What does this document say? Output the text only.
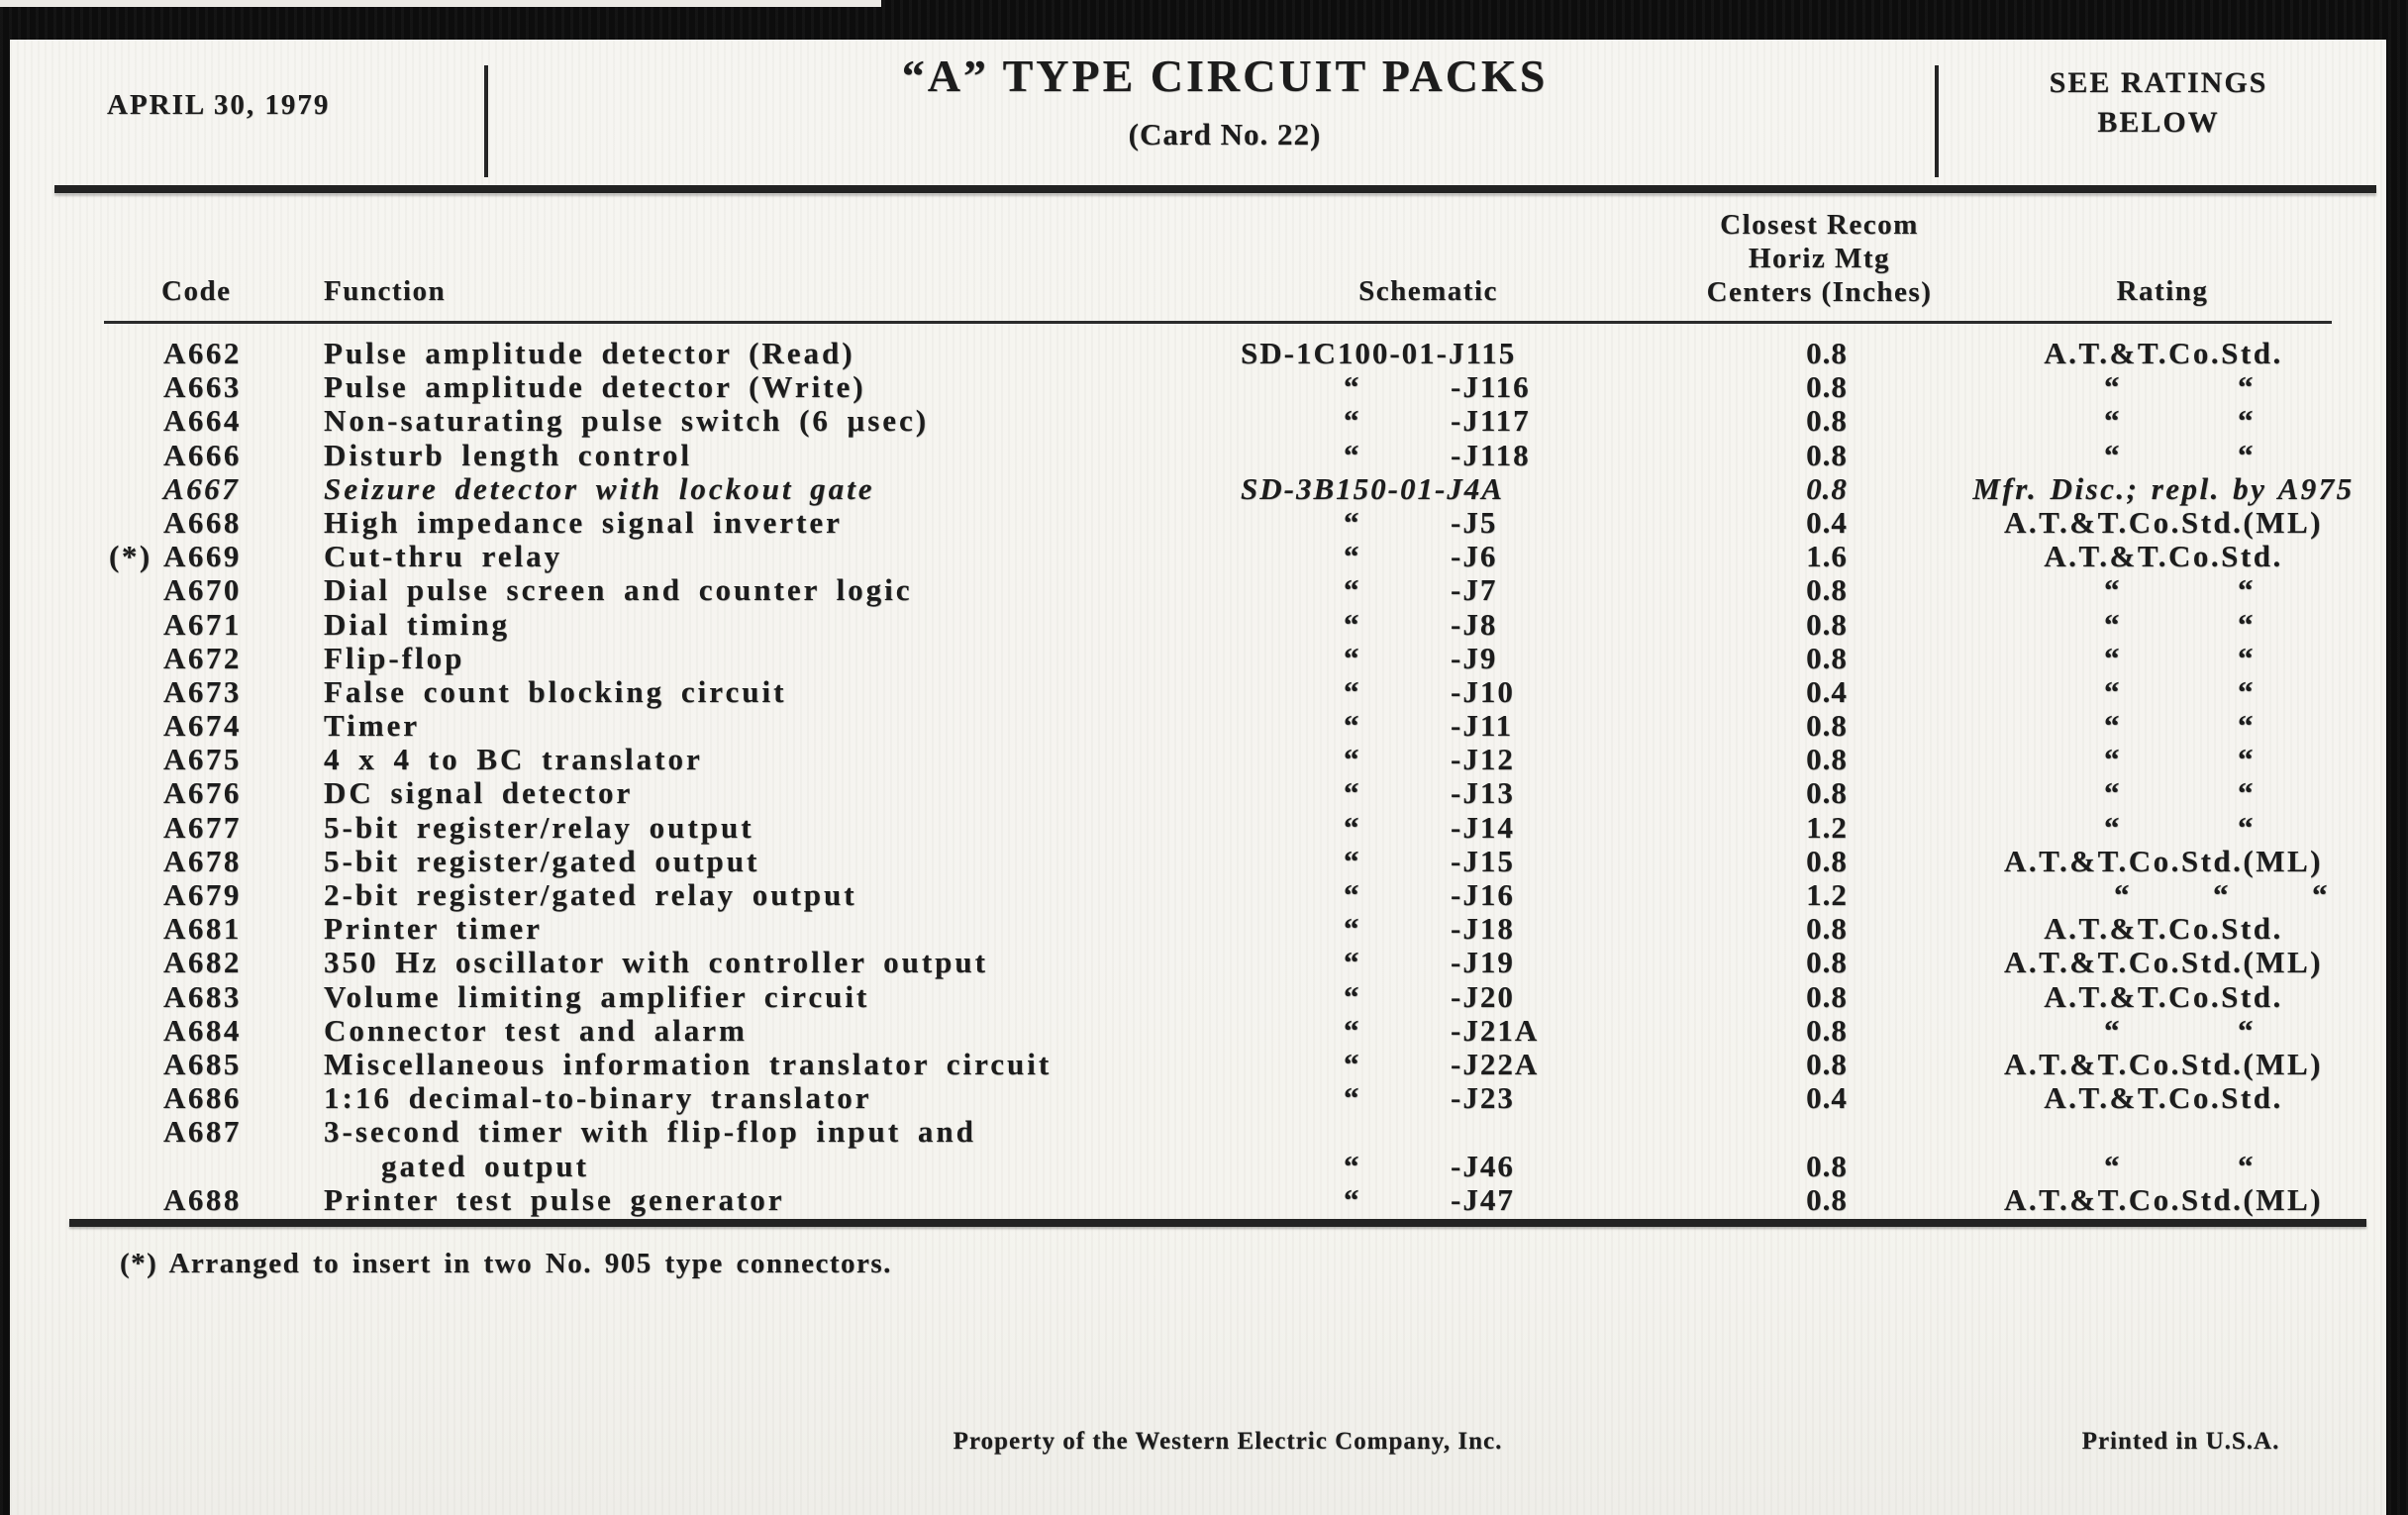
APRIL 30, 1979
“A” TYPE CIRCUIT PACKS
(Card No. 22)
SEE RATINGS
BELOW
Code	Function	Schematic
Closest Recom
Horiz Mtg
Centers (Inches)	Rating
A662	Pulse amplitude detector (Read)	SD-1C100-01-J115	0.8	A.T.&T.Co.Std.
A663	Pulse amplitude detector (Write)	“	-J116	0.8	“	“
A664	Non-saturating pulse switch (6 μsec)	“	-J117	0.8	“	“
A666	Disturb length control	“	-J118	0.8	“	“
A667	Seizure detector with lockout gate	SD-3B150-01-J4A	0.8	Mfr. Disc.; repl. by A975
A668	High impedance signal inverter	“	-J5	0.4	A.T.&T.Co.Std.(ML)
(*) A669	Cut-thru relay	“	-J6	1.6	A.T.&T.Co.Std.
A670	Dial pulse screen and counter logic	“	-J7	0.8	“	“
A671	Dial timing	“	-J8	0.8	“	“
A672	Flip-flop	“	-J9	0.8	“	“
A673	False count blocking circuit	“	-J10	0.4	“	“
A674	Timer	“	-J11	0.8	“	“
A675	4 x 4 to BC translator	“	-J12	0.8	“	“
A676	DC signal detector	“	-J13	0.8	“	“
A677	5-bit register/relay output	“	-J14	1.2	“	“
A678	5-bit register/gated output	“	-J15	0.8	A.T.&T.Co.Std.(ML)
A679	2-bit register/gated relay output	“	-J16	1.2	“	“	“
A681	Printer timer	“	-J18	0.8	A.T.&T.Co.Std.
A682	350 Hz oscillator with controller output	“	-J19	0.8	A.T.&T.Co.Std.(ML)
A683	Volume limiting amplifier circuit	“	-J20	0.8	A.T.&T.Co.Std.
A684	Connector test and alarm	“	-J21A	0.8	“	“
A685	Miscellaneous information translator circuit	“	-J22A	0.8	A.T.&T.Co.Std.(ML)
A686	1:16 decimal-to-binary translator	“	-J23	0.4	A.T.&T.Co.Std.
A687	3-second timer with flip-flop input and
gated output	“	-J46	0.8	“	“
A688	Printer test pulse generator	“	-J47	0.8	A.T.&T.Co.Std.(ML)
(*) Arranged to insert in two No. 905 type connectors.
Property of the Western Electric Company, Inc.	Printed in U.S.A.
